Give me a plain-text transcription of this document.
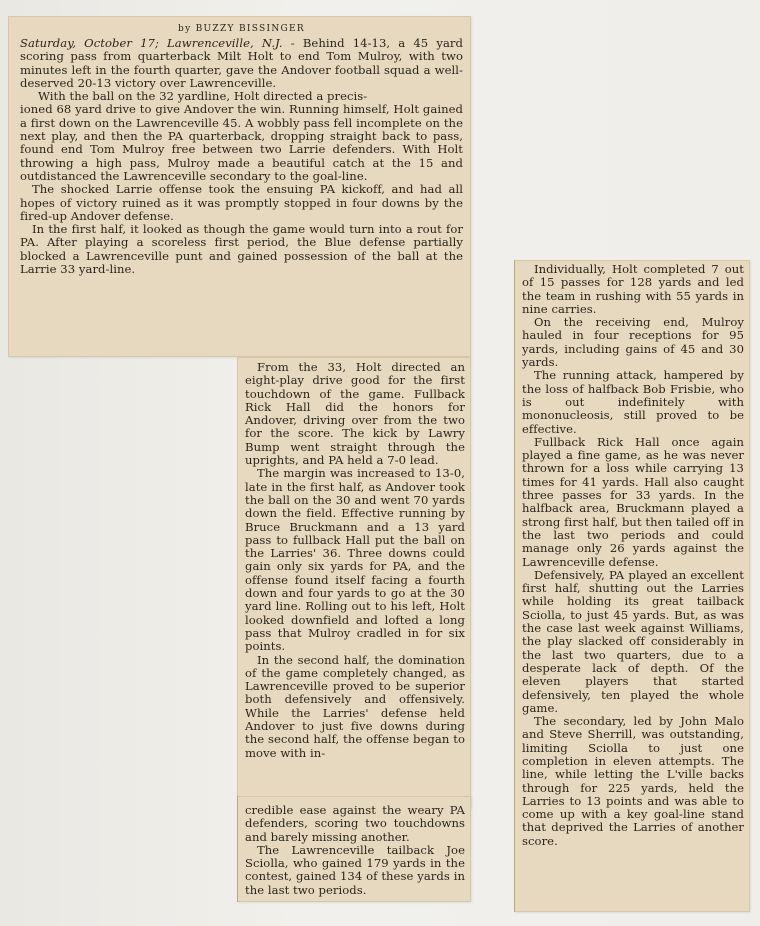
by BUZZY BISSINGER

Saturday, October 17; Lawrenceville, N.J. - Behind 14-13, a 45 yard scoring pass from quarterback Milt Holt to end Tom Mulroy, with two minutes left in the fourth quarter, gave the Andover football squad a well-deserved 20-13 victory over Lawrenceville.

With the ball on the 32 yardline, Holt directed a precis-

ioned 68 yard drive to give Andover the win. Running himself, Holt gained a first down on the Lawrenceville 45. A wobbly pass fell incomplete on the next play, and then the PA quarterback, dropping straight back to pass, found end Tom Mulroy free between two Larrie defenders. With Holt throwing a high pass, Mulroy made a beautiful catch at the 15 and outdistanced the Lawrenceville secondary to the goal-line.

The shocked Larrie offense took the ensuing PA kickoff, and had all hopes of victory ruined as it was promptly stopped in four downs by the fired-up Andover defense.

In the first half, it looked as though the game would turn into a rout for PA. After playing a scoreless first period, the Blue defense partially blocked a Lawrenceville punt and gained possession of the ball at the Larrie 33 yard-line.

From the 33, Holt directed an eight-play drive good for the first touchdown of the game. Fullback Rick Hall did the honors for Andover, driving over from the two for the score. The kick by Lawry Bump went straight through the uprights, and PA held a 7-0 lead.

The margin was increased to 13-0, late in the first half, as Andover took the ball on the 30 and went 70 yards down the field. Effective running by Bruce Bruckmann and a 13 yard pass to fullback Hall put the ball on the Larries' 36. Three downs could gain only six yards for PA, and the offense found itself facing a fourth down and four yards to go at the 30 yard line. Rolling out to his left, Holt looked downfield and lofted a long pass that Mulroy cradled in for six points.

In the second half, the domination of the game completely changed, as Lawrenceville proved to be superior both defensively and offensively. While the Larries' defense held Andover to just five downs during the second half, the offense began to move with in-

credible ease against the weary PA defenders, scoring two touchdowns and barely missing another.

The Lawrenceville tailback Joe Sciolla, who gained 179 yards in the contest, gained 134 of these yards in the last two periods.

Individually, Holt completed 7 out of 15 passes for 128 yards and led the team in rushing with 55 yards in nine carries.

On the receiving end, Mulroy hauled in four receptions for 95 yards, including gains of 45 and 30 yards.

The running attack, hampered by the loss of halfback Bob Frisbie, who is out indefinitely with mononucleosis, still proved to be effective.

Fullback Rick Hall once again played a fine game, as he was never thrown for a loss while carrying 13 times for 41 yards. Hall also caught three passes for 33 yards. In the halfback area, Bruckmann played a strong first half, but then tailed off in the last two periods and could manage only 26 yards against the Lawrenceville defense.

Defensively, PA played an excellent first half, shutting out the Larries while holding its great tailback Sciolla, to just 45 yards. But, as was the case last week against Williams, the play slacked off considerably in the last two quarters, due to a desperate lack of depth. Of the eleven players that started defensively, ten played the whole game.

The secondary, led by John Malo and Steve Sherrill, was outstanding, limiting Sciolla to just one completion in eleven attempts. The line, while letting the L'ville backs through for 225 yards, held the Larries to 13 points and was able to come up with a key goal-line stand that deprived the Larries of another score.
